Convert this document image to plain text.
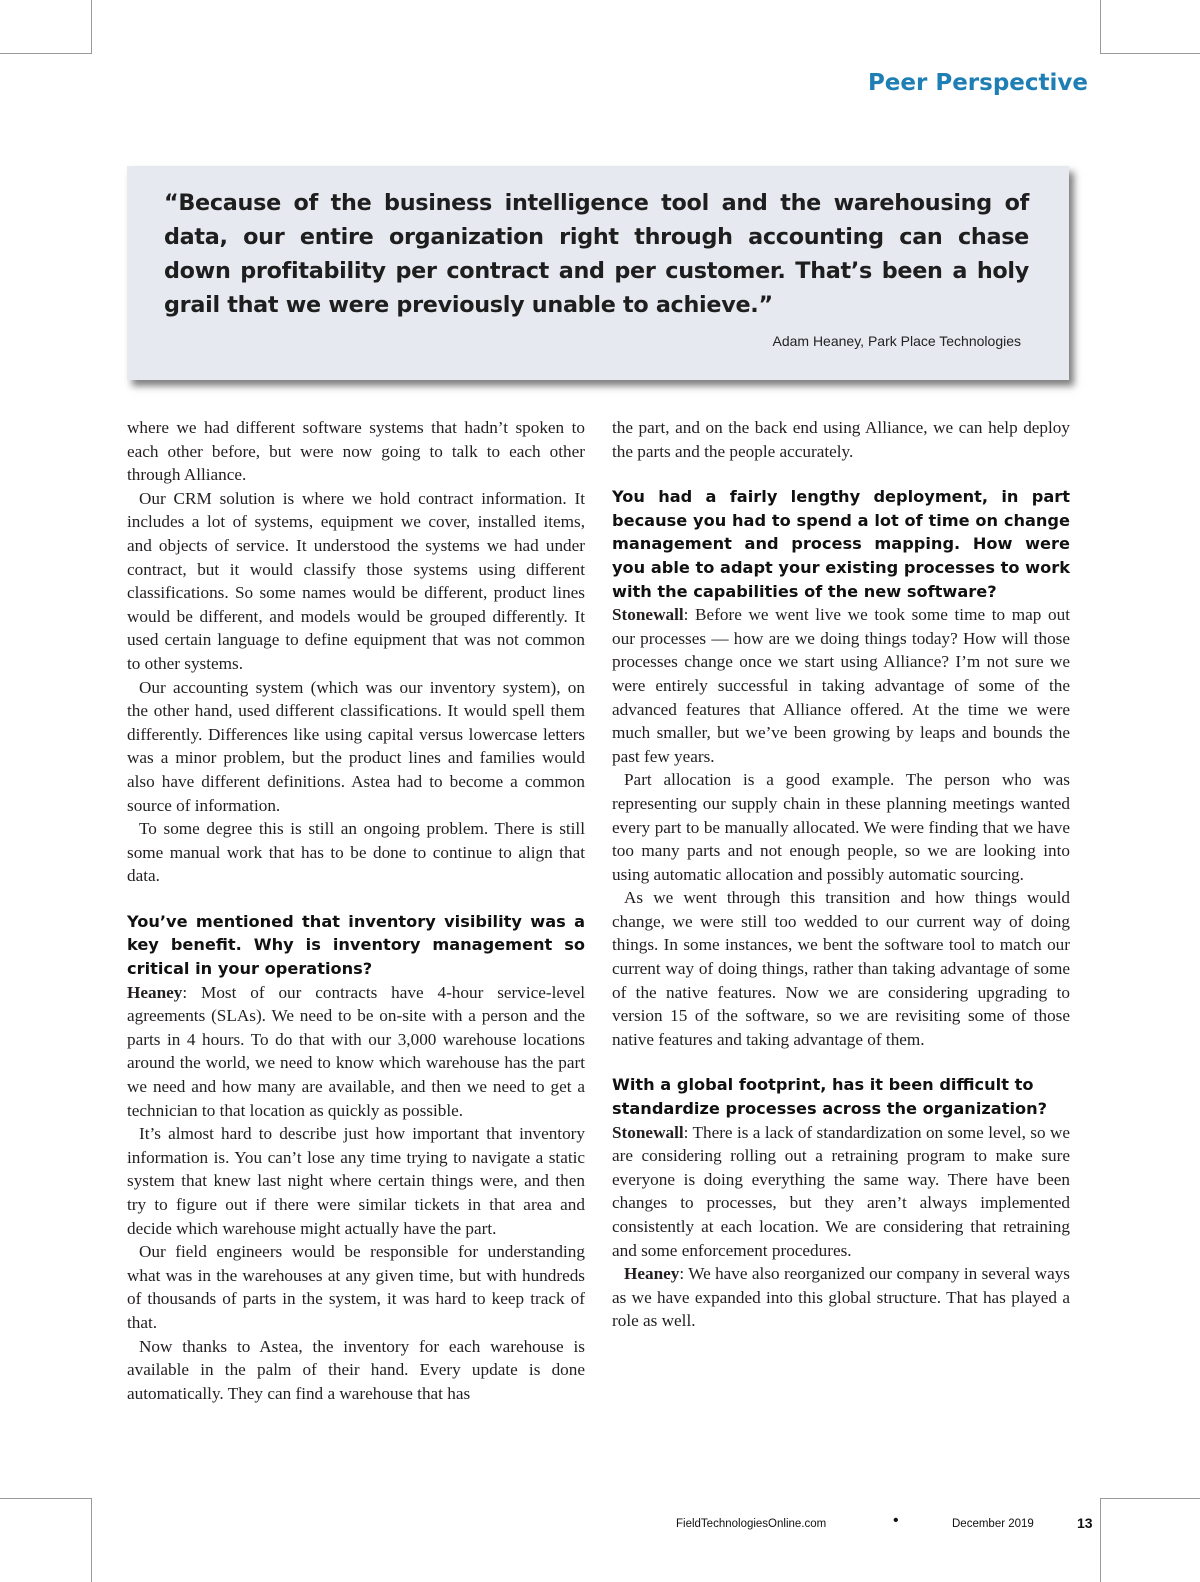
Peer Perspective
“Because of the business intelligence tool and the warehousing of data, our entire organization right through accounting can chase down profitability per contract and per customer. That’s been a holy grail that we were previously unable to achieve.”
Adam Heaney, Park Place Technologies

where we had different software systems that hadn’t spoken to each other before, but were now going to talk to each other through Alliance.

Our CRM solution is where we hold contract information. It includes a lot of systems, equipment we cover, installed items, and objects of service. It understood the systems we had under contract, but it would classify those systems using different classifications. So some names would be different, product lines would be different, and models would be grouped differently. It used certain language to define equipment that was not common to other systems.

Our accounting system (which was our inventory system), on the other hand, used different classifications. It would spell them differently. Differences like using capital versus lowercase letters was a minor problem, but the product lines and families would also have different definitions. Astea had to become a common source of information.

To some degree this is still an ongoing problem. There is still some manual work that has to be done to continue to align that data.

You’ve mentioned that inventory visibility was a key benefit. Why is inventory management so critical in your operations?

Heaney: Most of our contracts have 4-hour service-level agreements (SLAs). We need to be on-site with a person and the parts in 4 hours. To do that with our 3,000 warehouse locations around the world, we need to know which warehouse has the part we need and how many are available, and then we need to get a technician to that location as quickly as possible.

It’s almost hard to describe just how important that inventory information is. You can’t lose any time trying to navigate a static system that knew last night where certain things were, and then try to figure out if there were similar tickets in that area and decide which warehouse might actually have the part.

Our field engineers would be responsible for understanding what was in the warehouses at any given time, but with hundreds of thousands of parts in the system, it was hard to keep track of that.

Now thanks to Astea, the inventory for each warehouse is available in the palm of their hand. Every update is done automatically. They can find a warehouse that has

the part, and on the back end using Alliance, we can help deploy the parts and the people accurately.

You had a fairly lengthy deployment, in part because you had to spend a lot of time on change management and process mapping. How were you able to adapt your existing processes to work with the capabilities of the new software?

Stonewall: Before we went live we took some time to map out our processes — how are we doing things today? How will those processes change once we start using Alliance? I’m not sure we were entirely successful in taking advantage of some of the advanced features that Alliance offered. At the time we were much smaller, but we’ve been growing by leaps and bounds the past few years.

Part allocation is a good example. The person who was representing our supply chain in these planning meetings wanted every part to be manually allocated. We were finding that we have too many parts and not enough people, so we are looking into using automatic allocation and possibly automatic sourcing.

As we went through this transition and how things would change, we were still too wedded to our current way of doing things. In some instances, we bent the software tool to match our current way of doing things, rather than taking advantage of some of the native features. Now we are considering upgrading to version 15 of the software, so we are revisiting some of those native features and taking advantage of them.

With a global footprint, has it been difficult to standardize processes across the organization?

Stonewall: There is a lack of standardization on some level, so we are considering rolling out a retraining program to make sure everyone is doing everything the same way. There have been changes to processes, but they aren’t always implemented consistently at each location. We are considering that retraining and some enforcement procedures.

Heaney: We have also reorganized our company in several ways as we have expanded into this global structure. That has played a role as well.

FieldTechnologiesOnline.com	•	December 2019	13
